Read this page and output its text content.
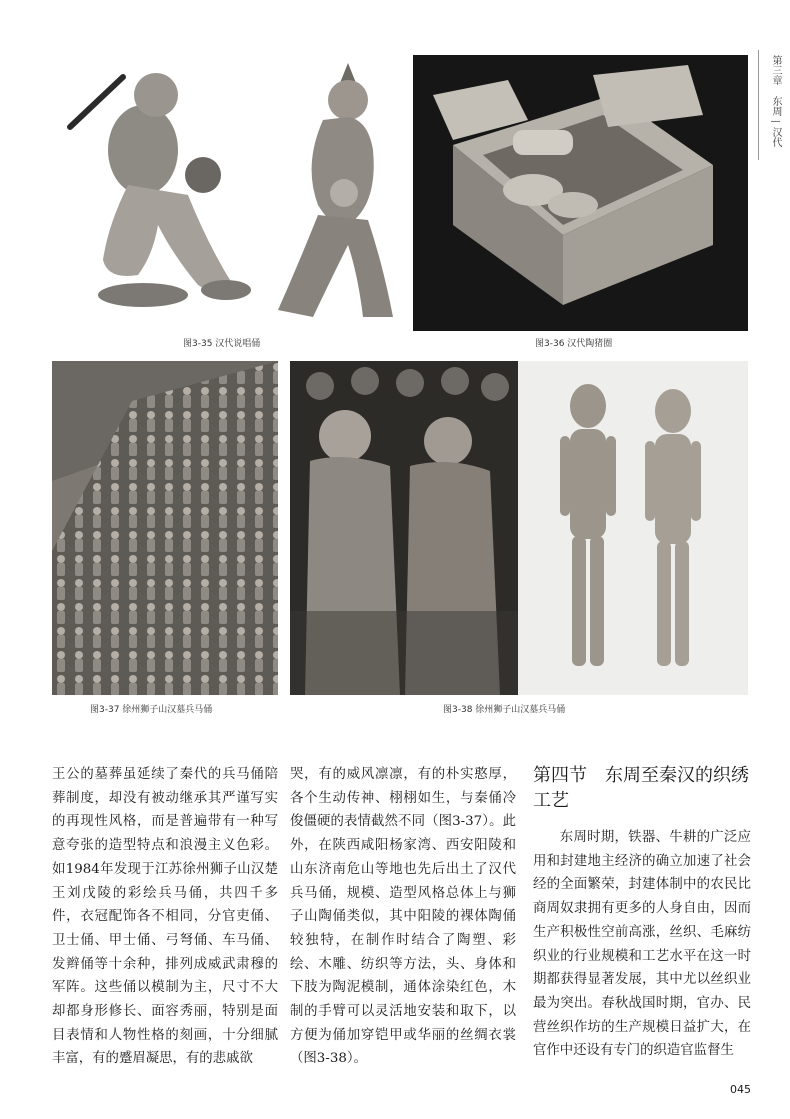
第三章 东周—汉代
图3-35 汉代说唱俑	图3-36 汉代陶猪圈
图3-37 徐州狮子山汉墓兵马俑	图3-38 徐州狮子山汉墓兵马俑

王公的墓葬虽延续了秦代的兵马俑陪葬制度，却没有被动继承其严谨写实的再现性风格，而是普遍带有一种写意夸张的造型特点和浪漫主义色彩。如1984年发现于江苏徐州狮子山汉楚王刘戊陵的彩绘兵马俑，共四千多件，衣冠配饰各不相同，分官吏俑、卫士俑、甲士俑、弓弩俑、车马俑、发辫俑等十余种，排列成威武肃穆的军阵。这些俑以模制为主，尺寸不大却都身形修长、面容秀丽，特别是面目表情和人物性格的刻画，十分细腻丰富，有的蹙眉凝思，有的悲戚欲

哭，有的威风凛凛，有的朴实憨厚，各个生动传神、栩栩如生，与秦俑冷俊僵硬的表情截然不同（图3-37）。此外，在陕西咸阳杨家湾、西安阳陵和山东济南危山等地也先后出土了汉代兵马俑，规模、造型风格总体上与狮子山陶俑类似，其中阳陵的裸体陶俑较独特，在制作时结合了陶塑、彩绘、木雕、纺织等方法，头、身体和下肢为陶泥模制，通体涂染红色，木制的手臂可以灵活地安装和取下，以方便为俑加穿铠甲或华丽的丝绸衣裳（图3-38）。

第四节　东周至秦汉的织绣工艺

东周时期，铁器、牛耕的广泛应用和封建地主经济的确立加速了社会经的全面繁荣，封建体制中的农民比商周奴隶拥有更多的人身自由，因而生产积极性空前高涨，丝织、毛麻纺织业的行业规模和工艺水平在这一时期都获得显著发展，其中尤以丝织业最为突出。春秋战国时期，官办、民营丝织作坊的生产规模日益扩大，在官作中还设有专门的织造官监督生

045
